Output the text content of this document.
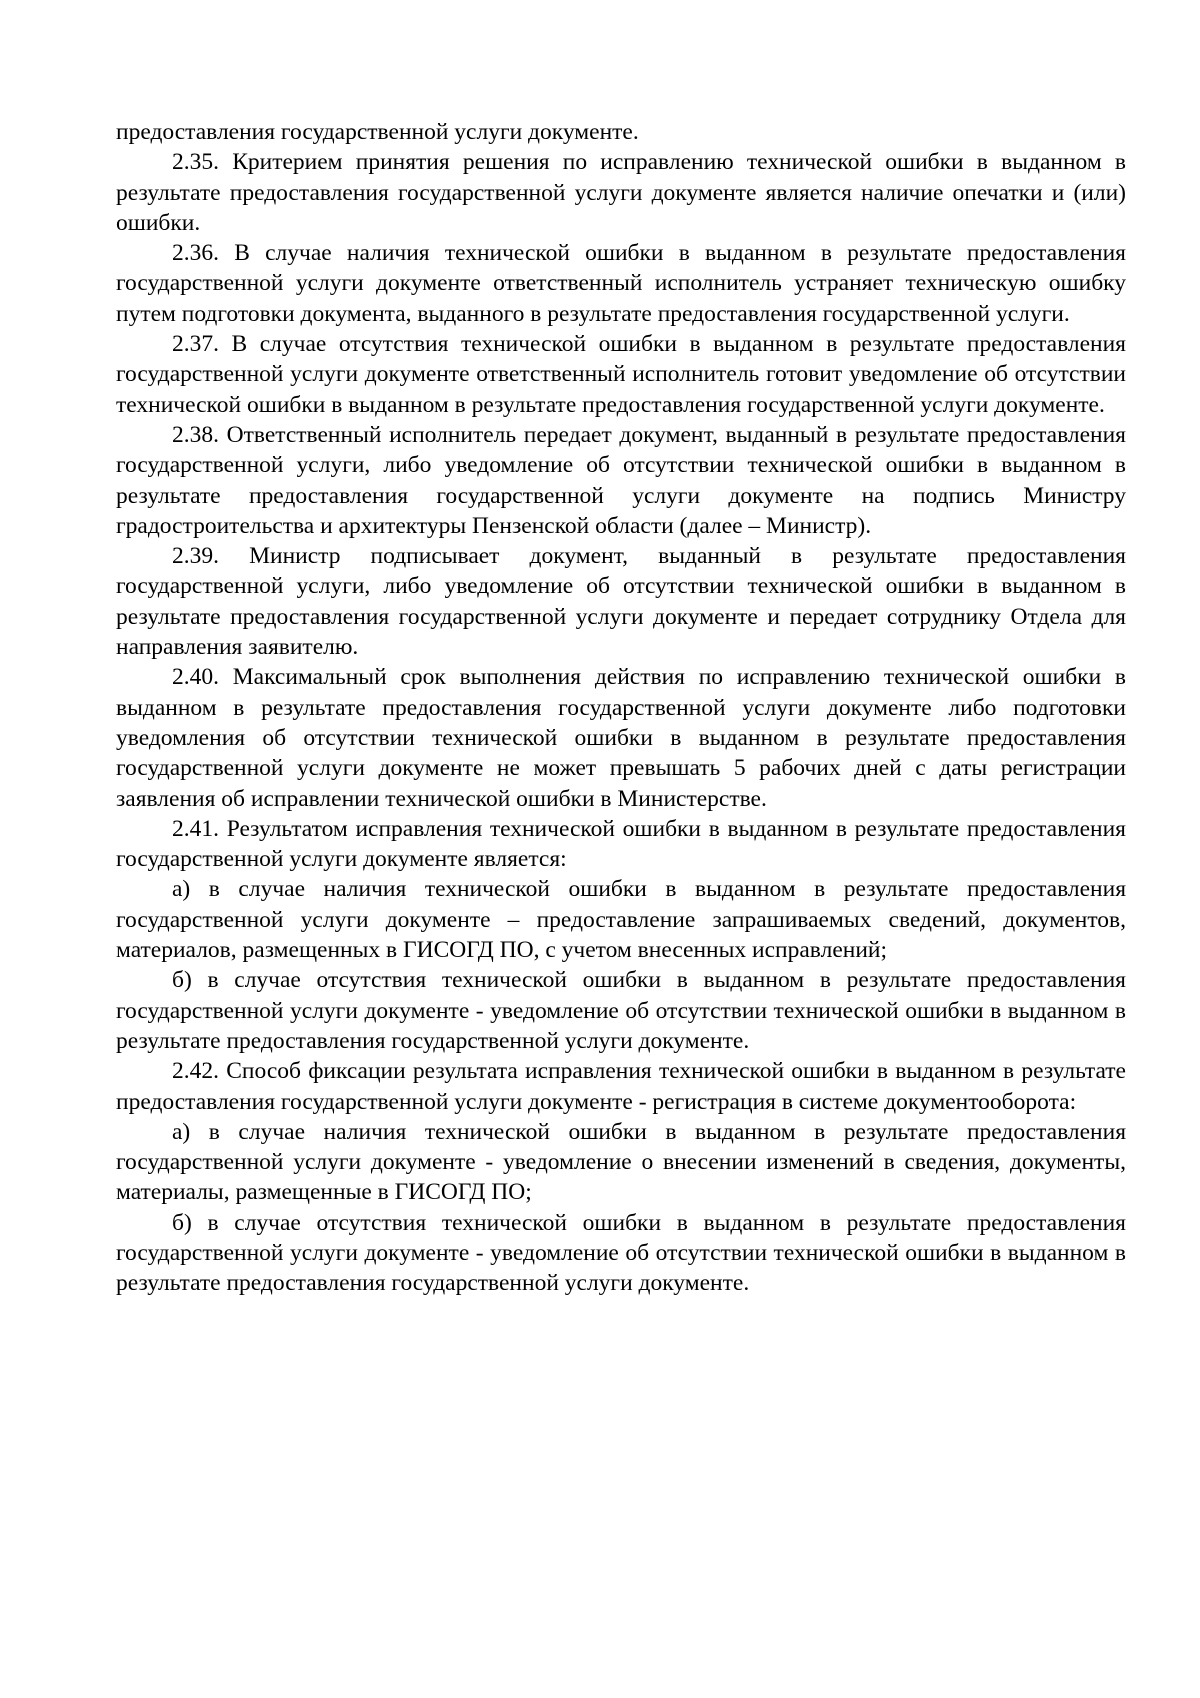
предоставления государственной услуги документе.

2.35. Критерием принятия решения по исправлению технической ошибки в выданном в результате предоставления государственной услуги документе является наличие опечатки и (или) ошибки.

2.36. В случае наличия технической ошибки в выданном в результате предоставления государственной услуги документе ответственный исполнитель устраняет техническую ошибку путем подготовки документа, выданного в результате предоставления государственной услуги.

2.37. В случае отсутствия технической ошибки в выданном в результате предоставления государственной услуги документе ответственный исполнитель готовит уведомление об отсутствии технической ошибки в выданном в результате предоставления государственной услуги документе.

2.38. Ответственный исполнитель передает документ, выданный в результате предоставления государственной услуги, либо уведомление об отсутствии технической ошибки в выданном в результате предоставления государственной услуги документе на подпись Министру градостроительства и архитектуры Пензенской области (далее – Министр).

2.39. Министр подписывает документ, выданный в результате предоставления государственной услуги, либо уведомление об отсутствии технической ошибки в выданном в результате предоставления государственной услуги документе и передает сотруднику Отдела для направления заявителю.

2.40. Максимальный срок выполнения действия по исправлению технической ошибки в выданном в результате предоставления государственной услуги документе либо подготовки уведомления об отсутствии технической ошибки в выданном в результате предоставления государственной услуги документе не может превышать 5 рабочих дней с даты регистрации заявления об исправлении технической ошибки в Министерстве.

2.41. Результатом исправления технической ошибки в выданном в результате предоставления государственной услуги документе является:

а) в случае наличия технической ошибки в выданном в результате предоставления государственной услуги документе – предоставление запрашиваемых сведений, документов, материалов, размещенных в ГИСОГД ПО, с учетом внесенных исправлений;

б) в случае отсутствия технической ошибки в выданном в результате предоставления государственной услуги документе - уведомление об отсутствии технической ошибки в выданном в результате предоставления государственной услуги документе.

2.42. Способ фиксации результата исправления технической ошибки в выданном в результате предоставления государственной услуги документе - регистрация в системе документооборота:

а) в случае наличия технической ошибки в выданном в результате предоставления государственной услуги документе - уведомление о внесении изменений в сведения, документы, материалы, размещенные в ГИСОГД ПО;

б) в случае отсутствия технической ошибки в выданном в результате предоставления государственной услуги документе - уведомление об отсутствии технической ошибки в выданном в результате предоставления государственной услуги документе.
